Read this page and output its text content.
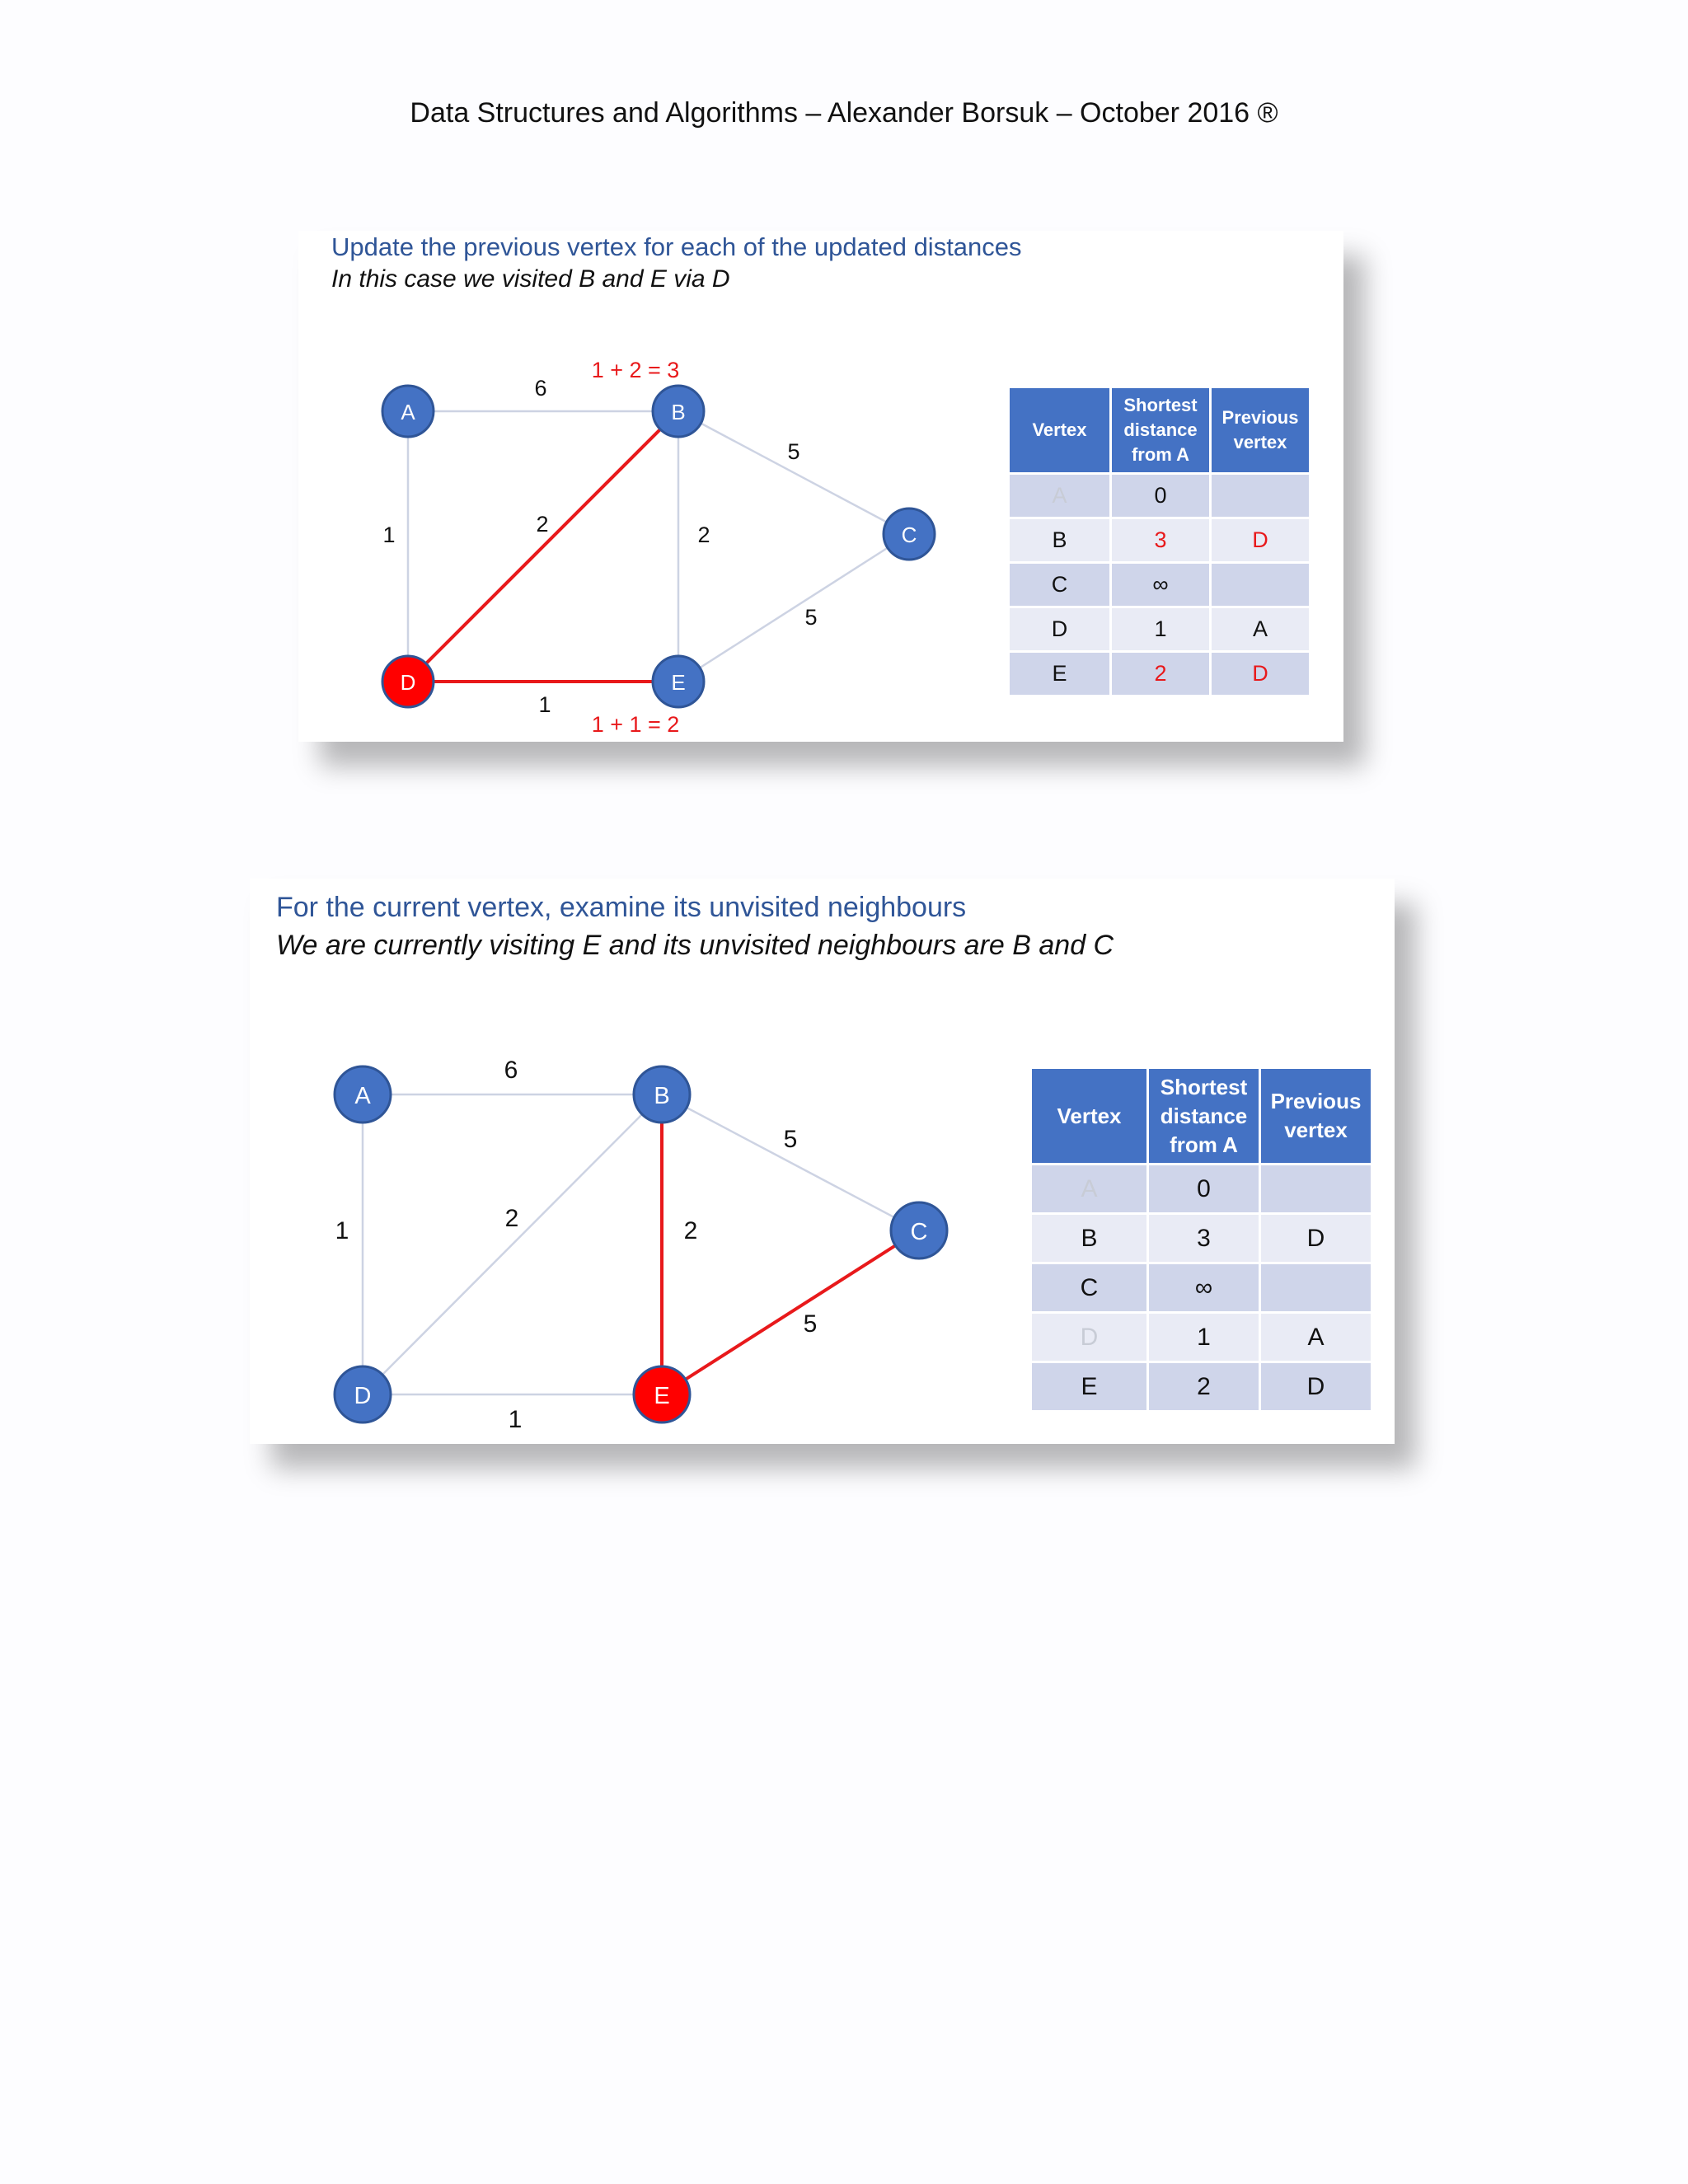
Data Structures and Algorithms – Alexander Borsuk – October 2016 ®
Update the previous vertex for each of the updated distances
In this case we visited B and E via D
6
1	2	2
5
5
1
1 + 2 = 3
1 + 1 = 2
A	B
C
D	E
Vertex	Shortest distance from A	Previous vertex
A	0	
B	3	D
C	∞	
D	1	A
E	2	D
For the current vertex, examine its unvisited neighbours
We are currently visiting E and its unvisited neighbours are B and C
6
1	2	2
5
5
1
A	B
C
D	E
Vertex	Shortest distance from A	Previous vertex
A	0	
B	3	D
C	∞	
D	1	A
E	2	D
